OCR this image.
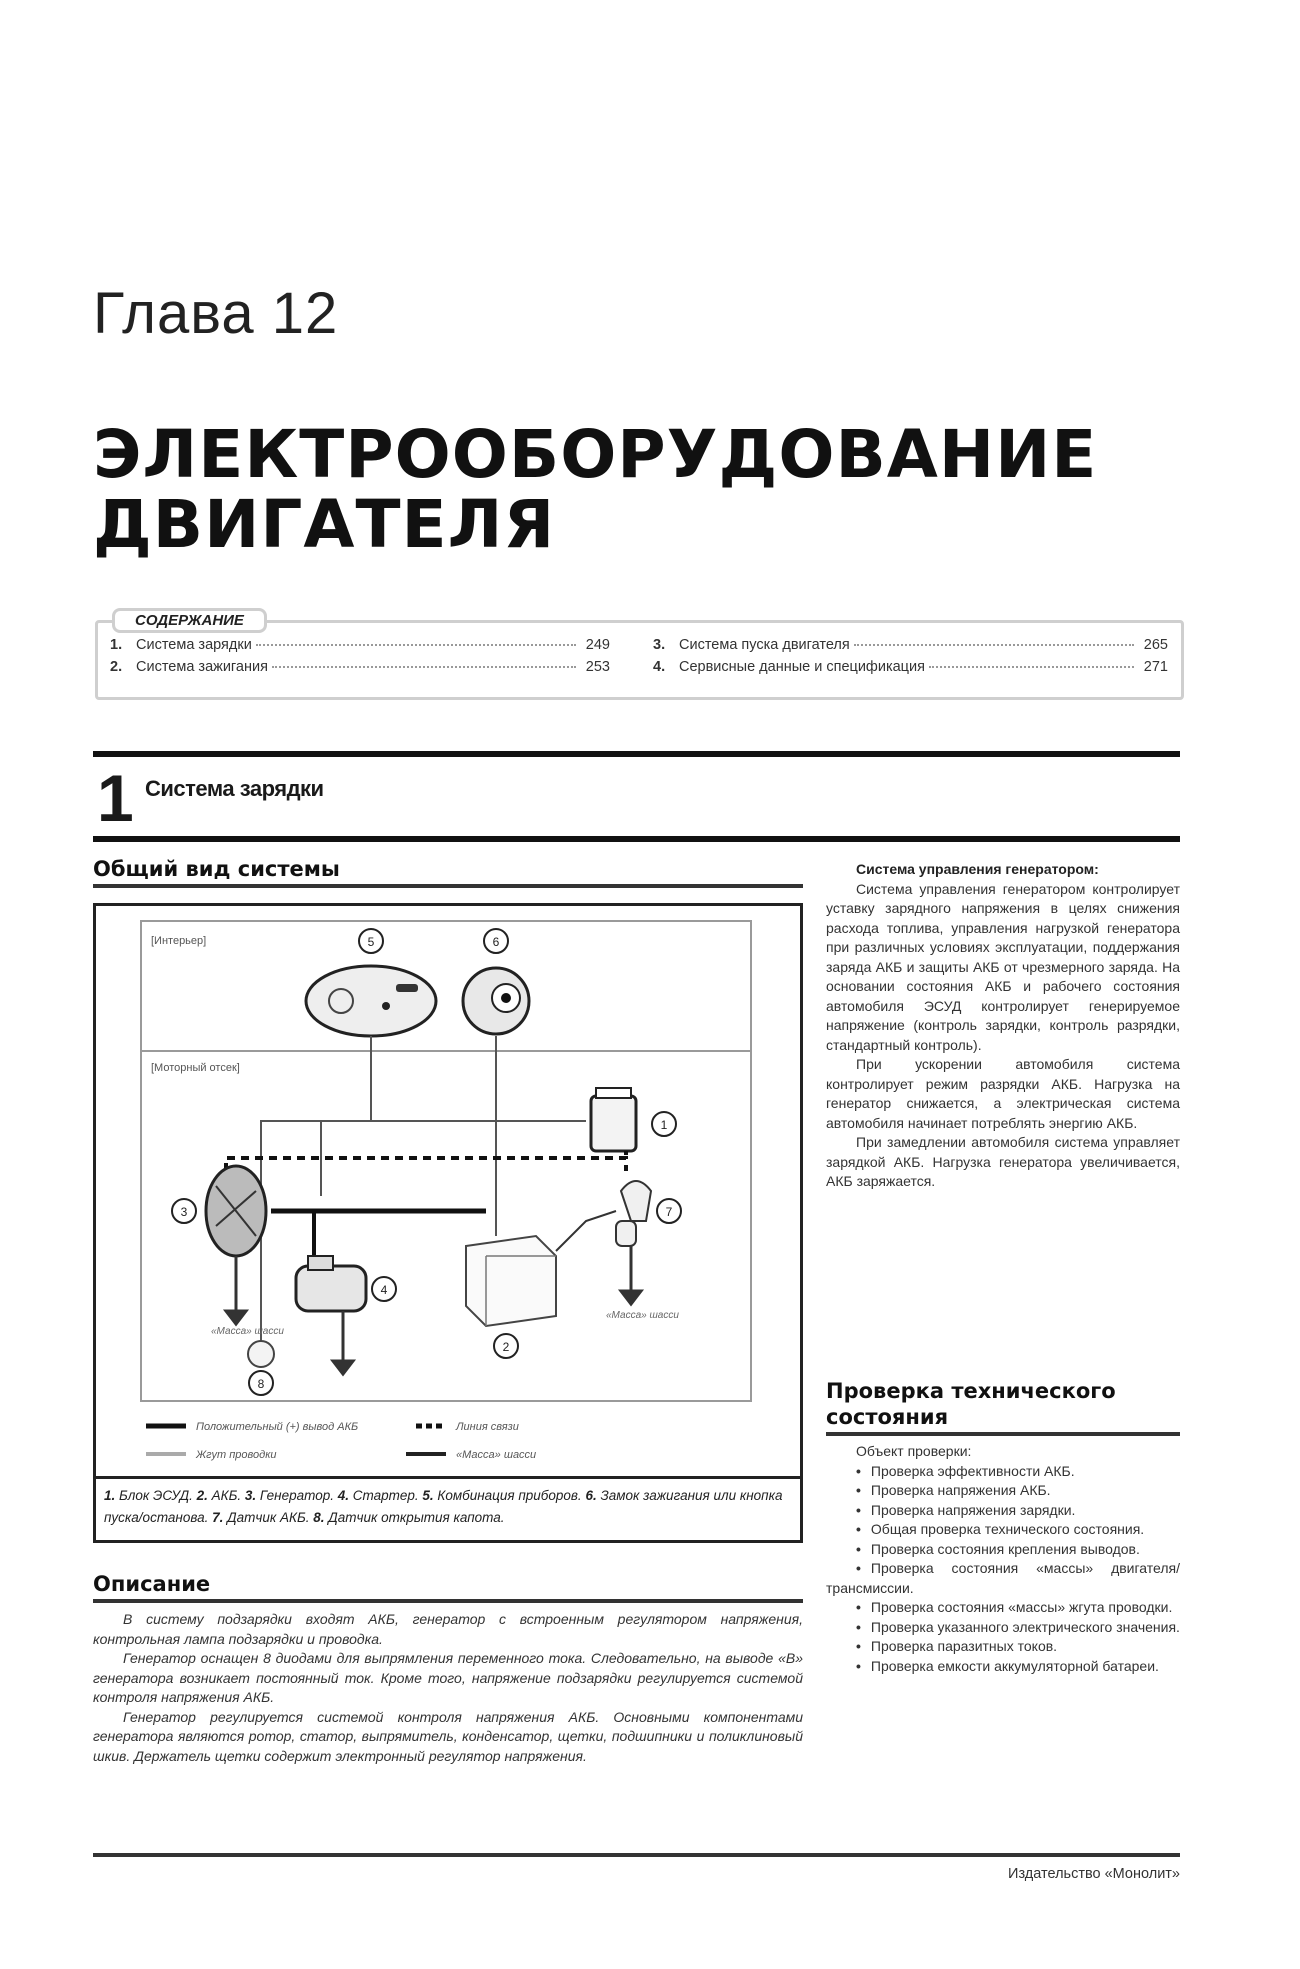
Глава 12
ЭЛЕКТРООБОРУДОВАНИЕ
ДВИГАТЕЛЯ
1. Система зарядки	249
2. Система зажигания	253
3. Система пуска двигателя	265
4. Сервисные данные и спецификация	271
СОДЕРЖАНИЕ
1 Система зарядки
Общий вид системы
[Интерьер]
[Моторный отсек]
5	6
1
3
2
7
4
8
«Масса» шасси
«Масса» шасси
Положительный (+) вывод АКБ	Линия связи
Жгут проводки	«Масса» шасси
1. Блок ЭСУД. 2. АКБ. 3. Генератор. 4. Стартер. 5. Комбинация приборов. 6. Замок зажигания или кнопка пуска/останова. 7. Датчик АКБ. 8. Датчик открытия капота.
Описание

В систему подзарядки входят АКБ, генератор с встроенным регулятором напряжения, контрольная лампа подзарядки и проводка.

Генератор оснащен 8 диодами для выпрямления переменного тока. Следовательно, на выводе «B» генератора возникает постоянный ток. Кроме того, напряжение подзарядки регулируется системой контроля напряжения АКБ.

Генератор регулируется системой контроля напряжения АКБ. Основными компонентами генератора являются ротор, статор, выпрямитель, конденсатор, щетки, подшипники и поликлиновый шкив. Держатель щетки содержит электронный регулятор напряжения.

Система управления генератором:

Система управления генератором контролирует уставку зарядного напряжения в целях снижения расхода топлива, управления нагрузкой генератора при различных условиях эксплуатации, поддержания заряда АКБ и защиты АКБ от чрезмерного заряда. На основании состояния АКБ и рабочего состояния автомобиля ЭСУД контролирует генерируемое напряжение (контроль зарядки, контроль разрядки, стандартный контроль).

При ускорении автомобиля система контролирует режим разрядки АКБ. Нагрузка на генератор снижается, а электрическая система автомобиля начинает потреблять энергию АКБ.

При замедлении автомобиля система управляет зарядкой АКБ. Нагрузка генератора увеличивается, АКБ заряжается.

Проверка технического состояния

Объект проверки:

• Проверка эффективности АКБ.
• Проверка напряжения АКБ.
• Проверка напряжения зарядки.
• Общая проверка технического состояния.
• Проверка состояния крепления выводов.
• Проверка состояния «массы» двигателя/трансмиссии.
• Проверка состояния «массы» жгута проводки.
• Проверка указанного электрического значения.
• Проверка паразитных токов.
• Проверка емкости аккумуляторной батареи.
Издательство «Монолит»
